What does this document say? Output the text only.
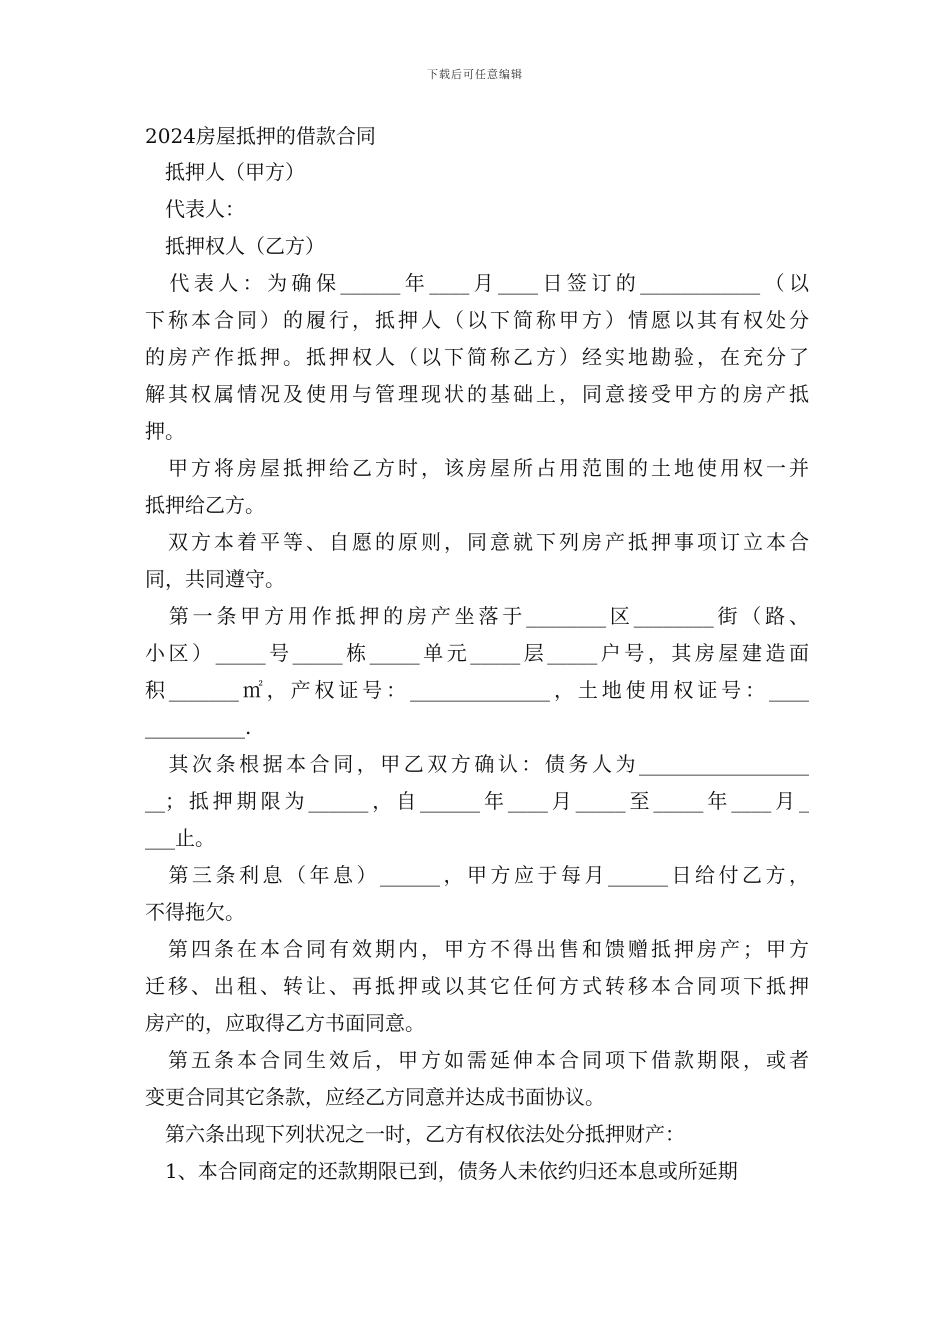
下载后可任意编辑
2024房屋抵押的借款合同
　抵押人（甲方）
　代表人：
　抵押权人（乙方）
　代表人：为确保______年____月____日签订的____________（以
下称本合同）的履行，抵押人（以下简称甲方）情愿以其有权处分
的房产作抵押。抵押权人（以下简称乙方）经实地勘验，在充分了
解其权属情况及使用与管理现状的基础上，同意接受甲方的房产抵
押。
　甲方将房屋抵押给乙方时，该房屋所占用范围的土地使用权一并
抵押给乙方。
　双方本着平等、自愿的原则，同意就下列房产抵押事项订立本合
同，共同遵守。
　第一条甲方用作抵押的房产坐落于________区________街（路、
小区）_____号_____栋_____单元_____层_____户号，其房屋建造面
积_______㎡，产权证号：______________，土地使用权证号：____
__________.
　其次条根据本合同，甲乙双方确认：债务人为_________________
__；抵押期限为______，自______年____月_____至_____年____月_
___止。
　第三条利息（年息）______，甲方应于每月______日给付乙方，
不得拖欠。
　第四条在本合同有效期内，甲方不得出售和馈赠抵押房产；甲方
迁移、出租、转让、再抵押或以其它任何方式转移本合同项下抵押
房产的，应取得乙方书面同意。
　第五条本合同生效后，甲方如需延伸本合同项下借款期限，或者
变更合同其它条款，应经乙方同意并达成书面协议。
　第六条出现下列状况之一时，乙方有权依法处分抵押财产：
　1、本合同商定的还款期限已到，债务人未依约归还本息或所延期
